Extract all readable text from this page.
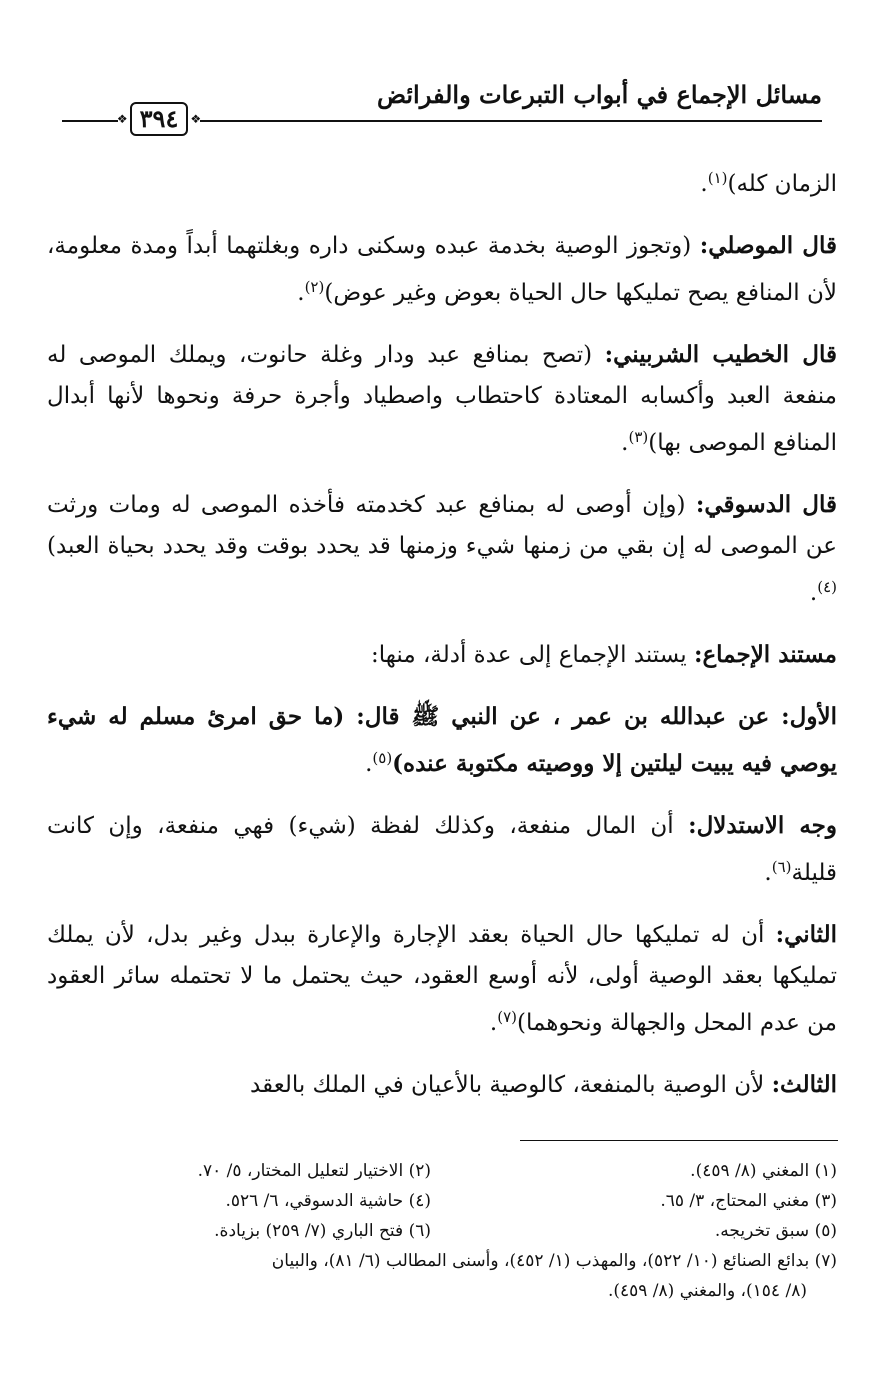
مسائل الإجماع في أبواب التبرعات والفرائض
❖
٣٩٤
❖

الزمان كله)$^{(١)}$.

قال الموصلي: (وتجوز الوصية بخدمة عبده وسكنى داره وبغلتهما أبداً ومدة معلومة، لأن المنافع يصح تمليكها حال الحياة بعوض وغير عوض)$^{(٢)}$.

قال الخطيب الشربيني: (تصح بمنافع عبد ودار وغلة حانوت، ويملك الموصى له منفعة العبد وأكسابه المعتادة كاحتطاب واصطياد وأجرة حرفة ونحوها لأنها أبدال المنافع الموصى بها)$^{(٣)}$.

قال الدسوقي: (وإن أوصى له بمنافع عبد كخدمته فأخذه الموصى له ومات ورثت عن الموصى له إن بقي من زمنها شيء وزمنها قد يحدد بوقت وقد يحدد بحياة العبد)$^{(٤)}$.

مستند الإجماع: يستند الإجماع إلى عدة أدلة، منها:

الأول: عن عبدالله بن عمر ، عن النبي ﷺ قال: (ما حق امرئ مسلم له شيء يوصي فيه يبيت ليلتين إلا ووصيته مكتوبة عنده)$^{(٥)}$.

وجه الاستدلال: أن المال منفعة، وكذلك لفظة (شيء) فهي منفعة، وإن كانت قليلة$^{(٦)}$.

الثاني: أن له تمليكها حال الحياة بعقد الإجارة والإعارة ببدل وغير بدل، لأن يملك تمليكها بعقد الوصية أولى، لأنه أوسع العقود، حيث يحتمل ما لا تحتمله سائر العقود من عدم المحل والجهالة ونحوهما)$^{(٧)}$.

الثالث: لأن الوصية بالمنفعة، كالوصية بالأعيان في الملك بالعقد

(١) المغني (٨/ ٤٥٩).
(٢) الاختيار لتعليل المختار، ٥/ ٧٠.
(٣) مغني المحتاج، ٣/ ٦٥.
(٤) حاشية الدسوقي، ٦/ ٥٢٦.
(٥) سبق تخريجه.
(٦) فتح الباري (٧/ ٢٥٩) بزيادة.
(٧) بدائع الصنائع (١٠/ ٥٢٢)، والمهذب (١/ ٤٥٢)، وأسنى المطالب (٦/ ٨١)، والبيان
(٨/ ١٥٤)، والمغني (٨/ ٤٥٩).
